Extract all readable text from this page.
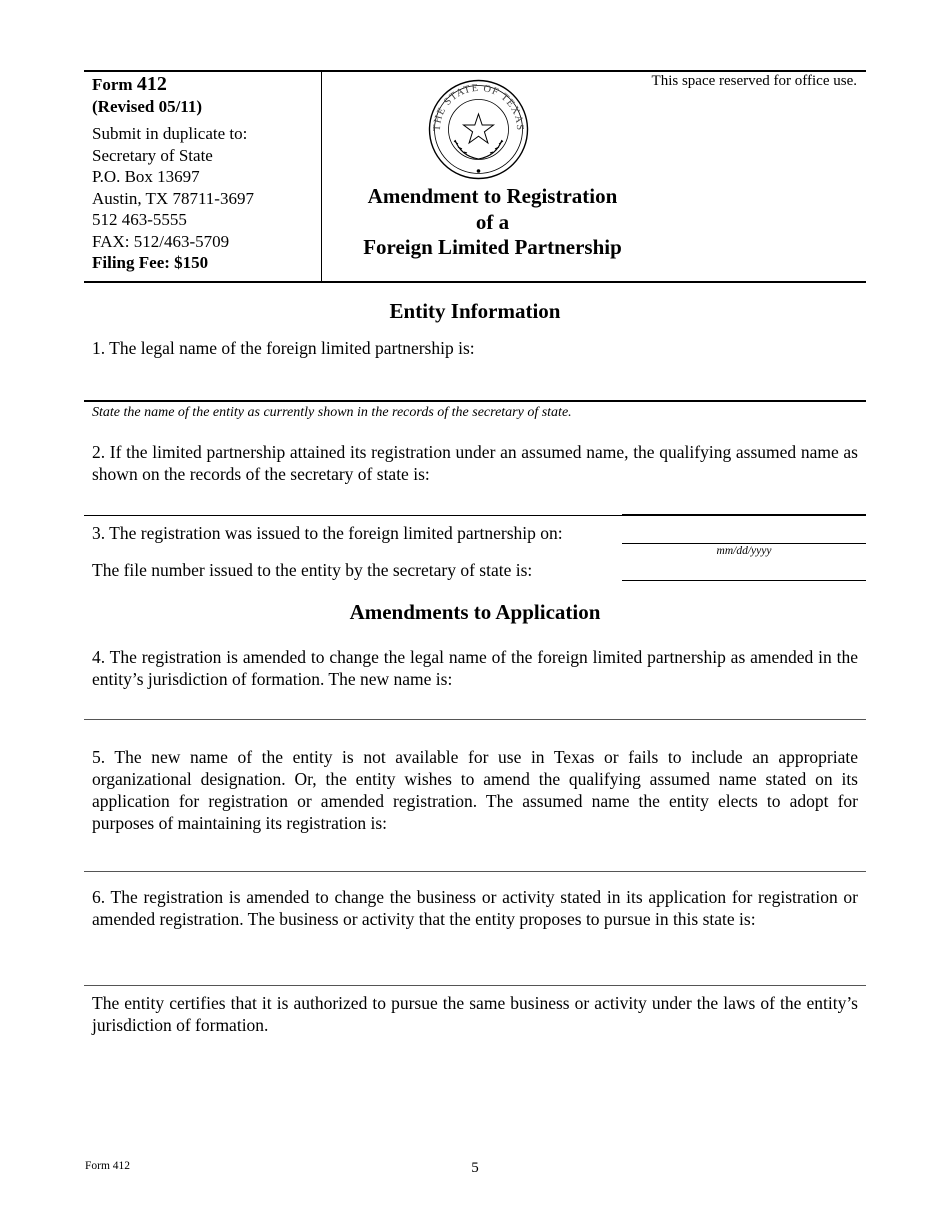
Form 412
(Revised 05/11)
Submit in duplicate to:
Secretary of State
P.O. Box 13697
Austin, TX 78711-3697
512 463-5555
FAX: 512/463-5709
Filing Fee: $150
This space reserved for office use.
THE STATE OF TEXAS
Amendment to Registration
of a
Foreign Limited Partnership
Entity Information
1. The legal name of the foreign limited partnership is:
State the name of the entity as currently shown in the records of the secretary of state.
2. If the limited partnership attained its registration under an assumed name, the qualifying assumed name as shown on the records of the secretary of state is:
3. The registration was issued to the foreign limited partnership on:
mm/dd/yyyy
The file number issued to the entity by the secretary of state is:
Amendments to Application
4. The registration is amended to change the legal name of the foreign limited partnership as amended in the entity’s jurisdiction of formation. The new name is:
5. The new name of the entity is not available for use in Texas or fails to include an appropriate organizational designation. Or, the entity wishes to amend the qualifying assumed name stated on its application for registration or amended registration. The assumed name the entity elects to adopt for purposes of maintaining its registration is:
6. The registration is amended to change the business or activity stated in its application for registration or amended registration. The business or activity that the entity proposes to pursue in this state is:
The entity certifies that it is authorized to pursue the same business or activity under the laws of the entity’s jurisdiction of formation.
Form 412	5
